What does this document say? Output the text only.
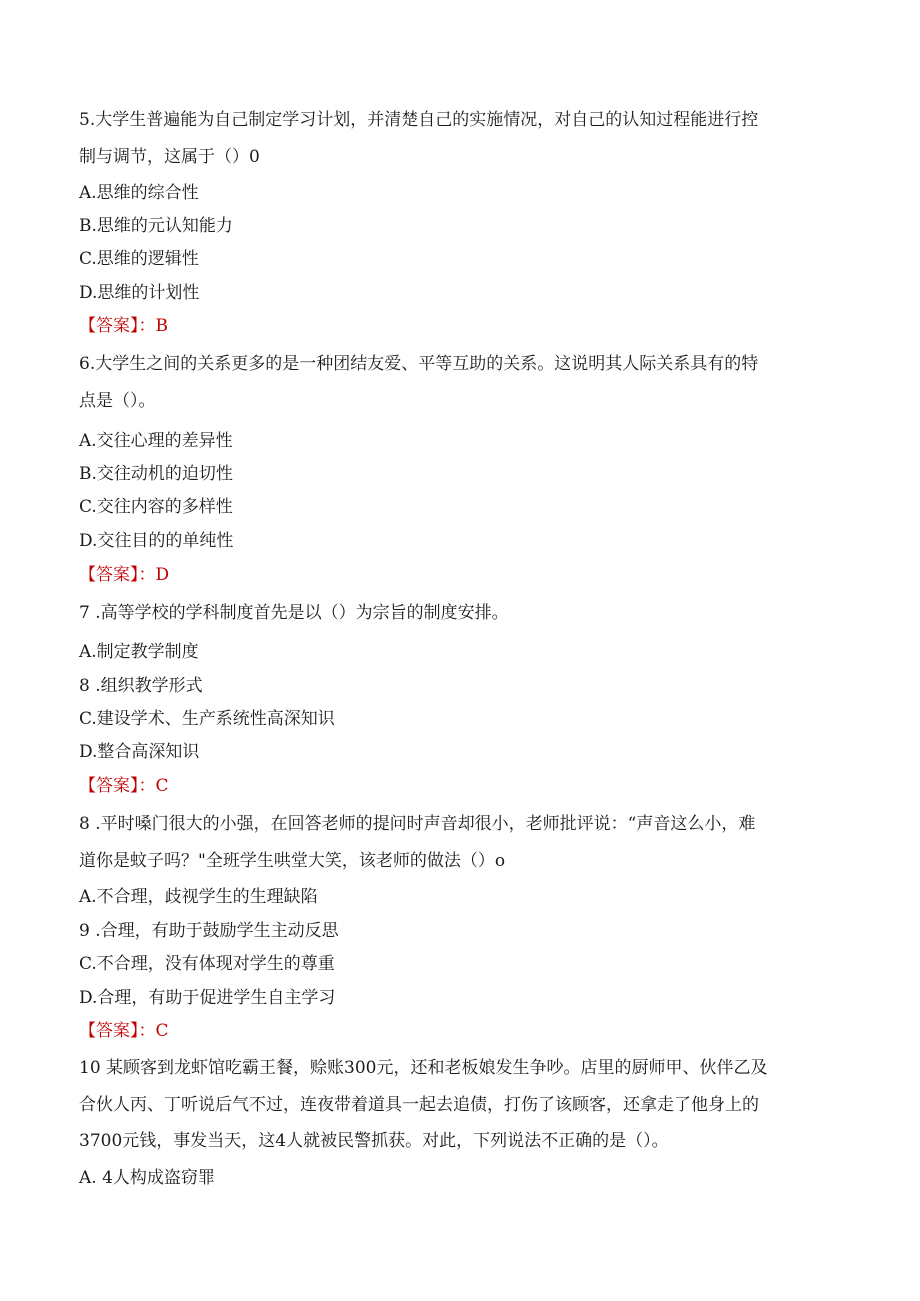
5.大学生普遍能为自己制定学习计划，并清楚自己的实施情况，对自己的认知过程能进行控
制与调节，这属于（）0
A.思维的综合性
B.思维的元认知能力
C.思维的逻辑性
D.思维的计划性
【答案】：B
6.大学生之间的关系更多的是一种团结友爱、平等互助的关系。这说明其人际关系具有的特
点是（）。
A.交往心理的差异性
B.交往动机的迫切性
C.交往内容的多样性
D.交往目的的单纯性
【答案】：D
7 .高等学校的学科制度首先是以（）为宗旨的制度安排。
A.制定教学制度
8 .组织教学形式
C.建设学术、生产系统性高深知识
D.整合高深知识
【答案】：C
8 .平时嗓门很大的小强，在回答老师的提问时声音却很小，老师批评说：“声音这么小，难
道你是蚊子吗？"全班学生哄堂大笑，该老师的做法（）o
A.不合理，歧视学生的生理缺陷
9 .合理，有助于鼓励学生主动反思
C.不合理，没有体现对学生的尊重
D.合理，有助于促进学生自主学习
【答案】：C
10 某顾客到龙虾馆吃霸王餐，赊账300元，还和老板娘发生争吵。店里的厨师甲、伙伴乙及
合伙人丙、丁听说后气不过，连夜带着道具一起去追债，打伤了该顾客，还拿走了他身上的
3700元钱，事发当天，这4人就被民警抓获。对此，下列说法不正确的是（）。
A. 4人构成盗窃罪
